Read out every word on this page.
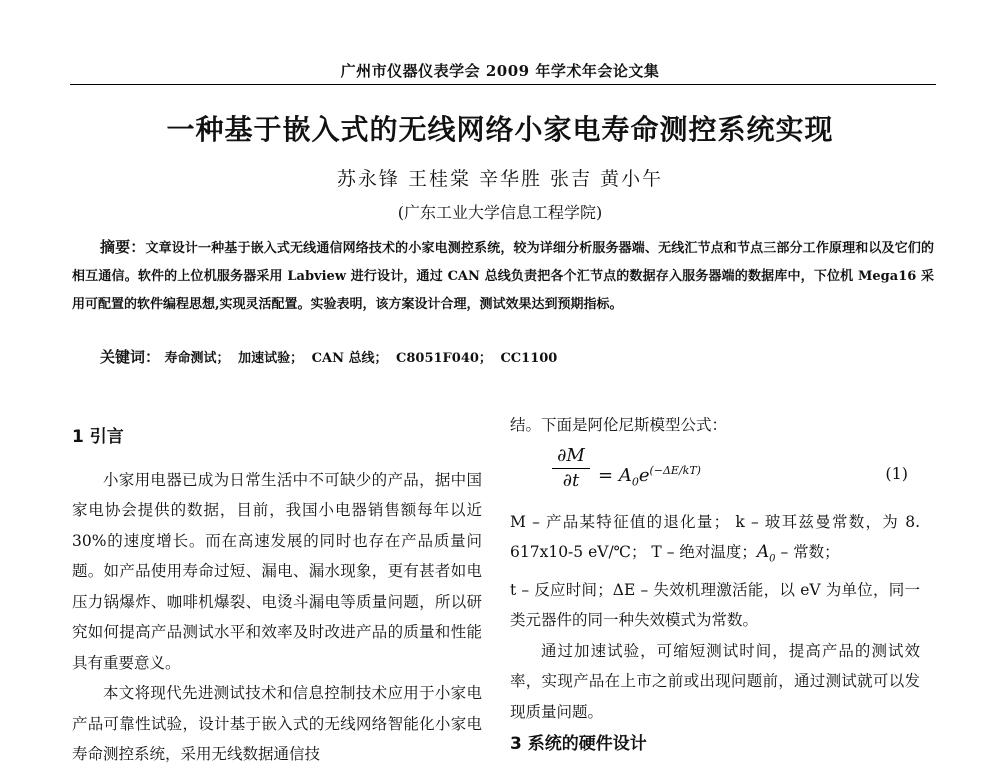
广州市仪器仪表学会 2009 年学术年会论文集
一种基于嵌入式的无线网络小家电寿命测控系统实现
苏永锋 王桂棠 辛华胜 张吉 黄小午
(广东工业大学信息工程学院)
摘要：文章设计一种基于嵌入式无线通信网络技术的小家电测控系统，较为详细分析服务器端、无线汇节点和节点三部分工作原理和以及它们的相互通信。软件的上位机服务器采用 Labview 进行设计，通过 CAN 总线负责把各个汇节点的数据存入服务器端的数据库中，下位机 Mega16 采用可配置的软件编程思想,实现灵活配置。实验表明，该方案设计合理，测试效果达到预期指标。
关键词： 寿命测试； 加速试验； CAN 总线； C8051F040； CC1100
1 引言

小家用电器已成为日常生活中不可缺少的产品，据中国家电协会提供的数据，目前，我国小电器销售额每年以近 30%的速度增长。而在高速发展的同时也存在产品质量问题。如产品使用寿命过短、漏电、漏水现象，更有甚者如电压力锅爆炸、咖啡机爆裂、电烫斗漏电等质量问题，所以研究如何提高产品测试水平和效率及时改进产品的质量和性能具有重要意义。

本文将现代先进测试技术和信息控制技术应用于小家电产品可靠性试验，设计基于嵌入式的无线网络智能化小家电寿命测控系统，采用无线数据通信技

结。下面是阿伦尼斯模型公式：

∂M
∂t	= $A_0e^{(-\Delta E/kT)}$	(1)

M – 产品某特征值的退化量； k – 玻耳兹曼常数，为 8. 617x10-5 eV/℃； T – 绝对温度；$A_0$ – 常数；

t – 反应时间；ΔE – 失效机理激活能，以 eV 为单位，同一类元器件的同一种失效模式为常数。

通过加速试验，可缩短测试时间，提高产品的测试效率，实现产品在上市之前或出现问题前，通过测试就可以发现质量问题。

3 系统的硬件设计
